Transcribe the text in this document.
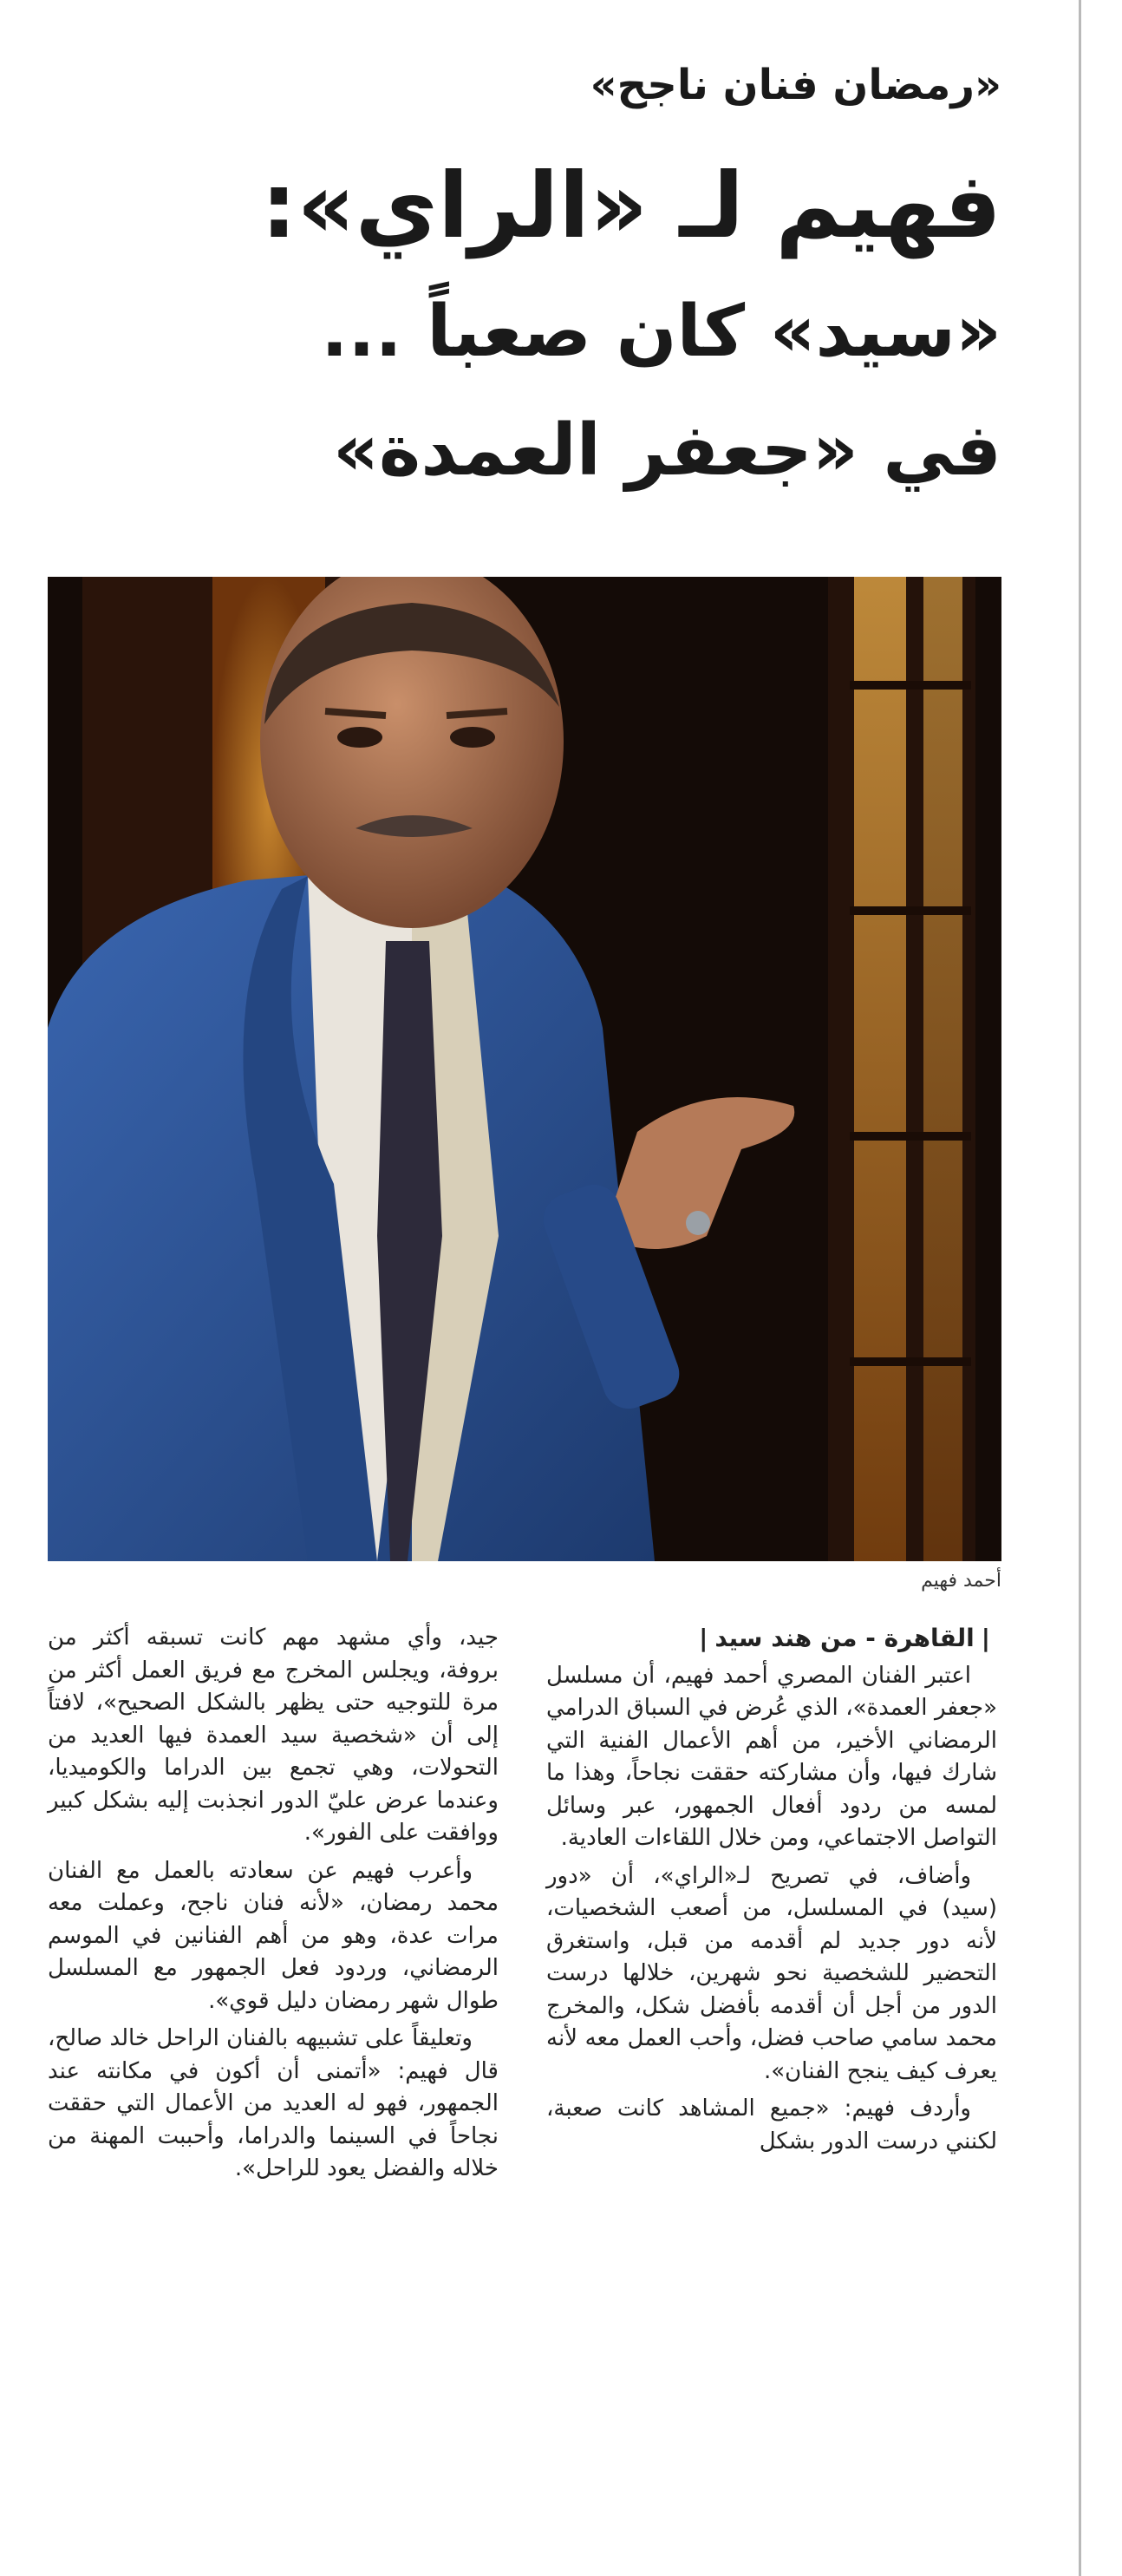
«رمضان فنان ناجح»
فهيم لـ «الراي»:
«سيد» كان صعباً ...
في «جعفر العمدة»
أحمد فهيم

|القاهرة - من هند سيد|

اعتبر الفنان المصري أحمد فهيم، أن مسلسل «جعفر العمدة»، الذي عُرض في السباق الدرامي الرمضاني الأخير، من أهم الأعمال الفنية التي شارك فيها، وأن مشاركته حققت نجاحاً، وهذا ما لمسه من ردود أفعال الجمهور، عبر وسائل التواصل الاجتماعي، ومن خلال اللقاءات العادية.

وأضاف، في تصريح لـ«الراي»، أن «دور (سيد) في المسلسل، من أصعب الشخصيات، لأنه دور جديد لم أقدمه من قبل، واستغرق التحضير للشخصية نحو شهرين، خلالها درست الدور من أجل أن أقدمه بأفضل شكل، والمخرج محمد سامي صاحب فضل، وأحب العمل معه لأنه يعرف كيف ينجح الفنان».

وأردف فهيم: «جميع المشاهد كانت صعبة، لكنني درست الدور بشكل

جيد، وأي مشهد مهم كانت تسبقه أكثر من بروفة، ويجلس المخرج مع فريق العمل أكثر من مرة للتوجيه حتى يظهر بالشكل الصحيح»، لافتاً إلى أن «شخصية سيد العمدة فيها العديد من التحولات، وهي تجمع بين الدراما والكوميديا، وعندما عرض عليّ الدور انجذبت إليه بشكل كبير ووافقت على الفور».

وأعرب فهيم عن سعادته بالعمل مع الفنان محمد رمضان، «لأنه فنان ناجح، وعملت معه مرات عدة، وهو من أهم الفنانين في الموسم الرمضاني، وردود فعل الجمهور مع المسلسل طوال شهر رمضان دليل قوي».

وتعليقاً على تشبيهه بالفنان الراحل خالد صالح، قال فهيم: «أتمنى أن أكون في مكانته عند الجمهور، فهو له العديد من الأعمال التي حققت نجاحاً في السينما والدراما، وأحببت المهنة من خلاله والفضل يعود للراحل».
